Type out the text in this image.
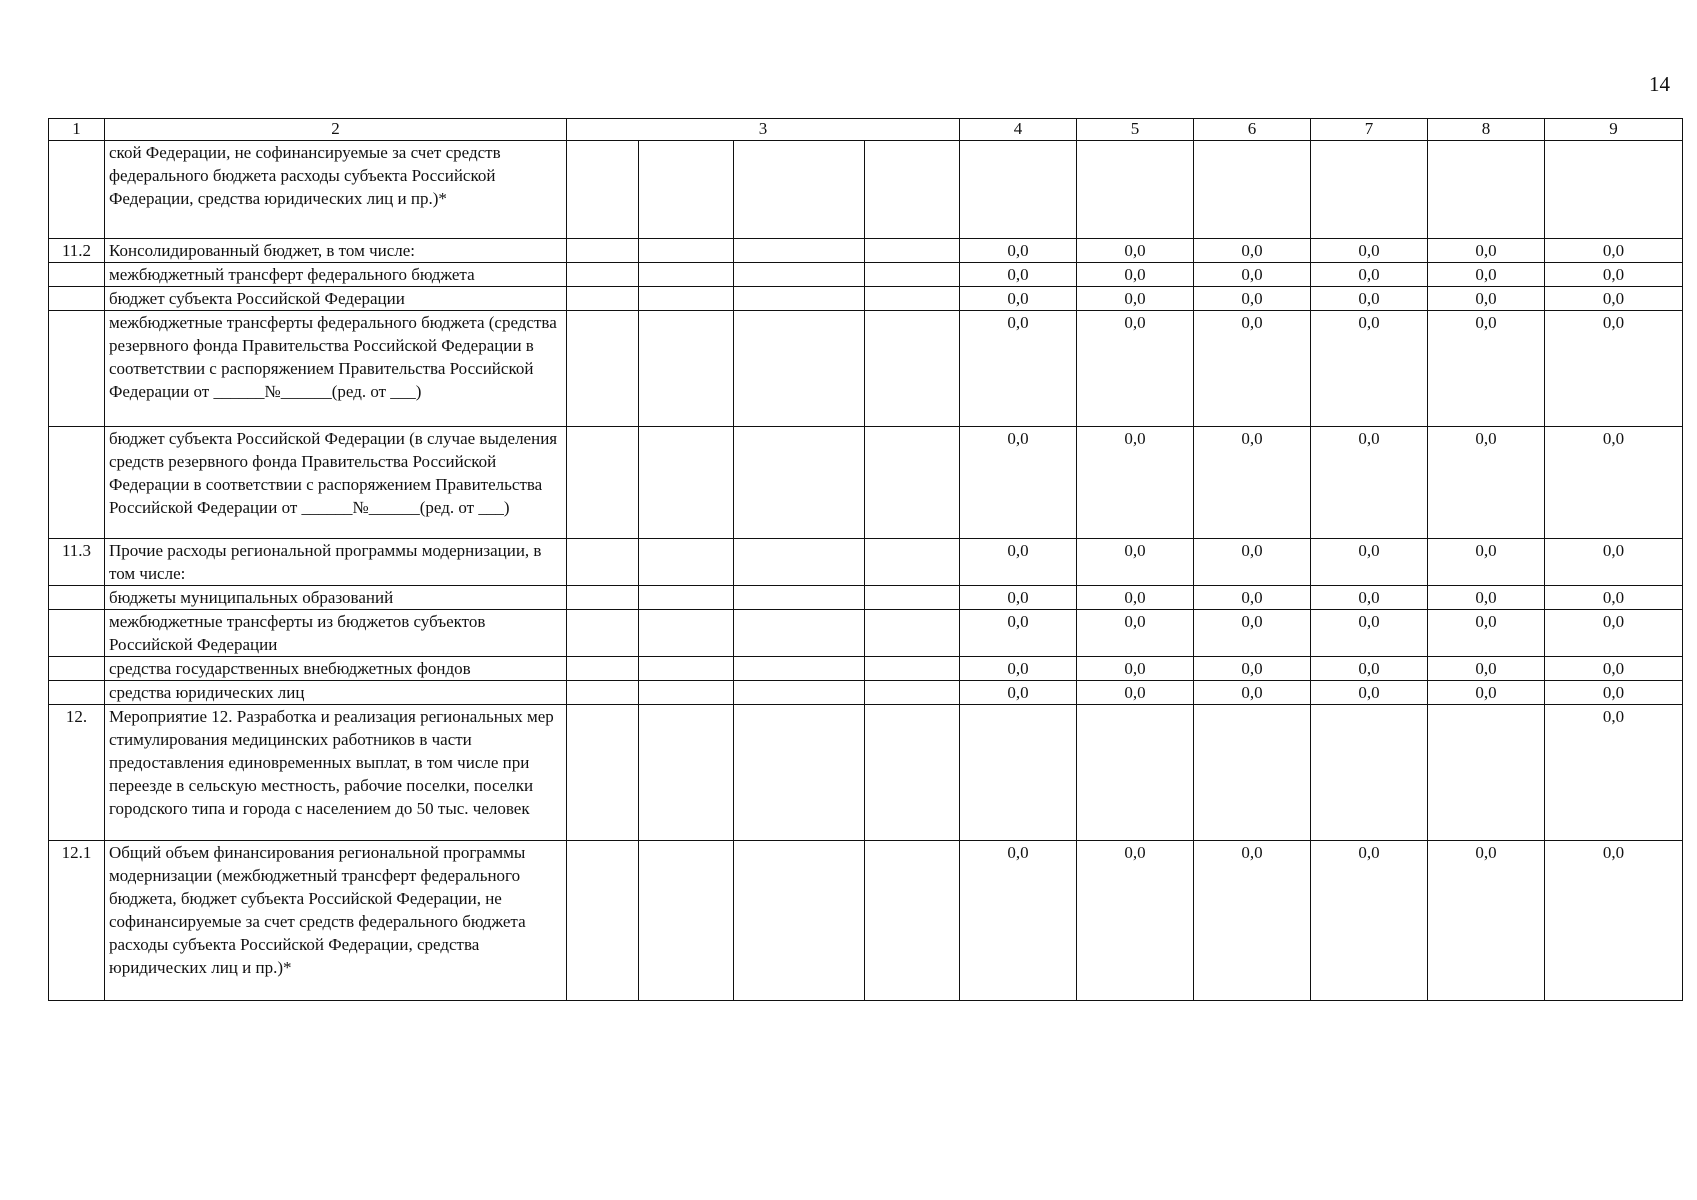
14
1	2	3				4	5	6	7	8	9
	ской Федерации, не софинансируемые за счет средств федерального бюджета расходы субъекта Российской Федерации, средства юридических лиц и пр.)*										
11.2	Консолидированный бюджет, в том числе:					0,0	0,0	0,0	0,0	0,0	0,0
	межбюджетный трансферт федерального бюджета					0,0	0,0	0,0	0,0	0,0	0,0
	бюджет субъекта Российской Федерации					0,0	0,0	0,0	0,0	0,0	0,0
	межбюджетные трансферты федерального бюджета (средства резервного фонда Правительства Российской Федерации в соответствии с распоряжением Правительства Российской Федерации от ______№______(ред. от ___)					0,0	0,0	0,0	0,0	0,0	0,0
	бюджет субъекта Российской Федерации (в случае выделения средств резервного фонда Правительства Российской Федерации в соответствии с распоряжением Правительства Российской Федерации от ______№______(ред. от ___)					0,0	0,0	0,0	0,0	0,0	0,0
11.3	Прочие расходы региональной программы модернизации, в том числе:					0,0	0,0	0,0	0,0	0,0	0,0
	бюджеты муниципальных образований					0,0	0,0	0,0	0,0	0,0	0,0
	межбюджетные трансферты из бюджетов субъектов Российской Федерации					0,0	0,0	0,0	0,0	0,0	0,0
	средства государственных внебюджетных фондов					0,0	0,0	0,0	0,0	0,0	0,0
	средства юридических лиц					0,0	0,0	0,0	0,0	0,0	0,0
12.	Мероприятие 12. Разработка и реализация региональных мер стимулирования медицинских работников в части предоставления единовременных выплат, в том числе при переезде в сельскую местность, рабочие поселки, поселки городского типа и города с населением до 50 тыс. человек										0,0
12.1	Общий объем финансирования региональной программы модернизации (межбюджетный трансферт федерального бюджета, бюджет субъекта Российской Федерации, не софинансируемые за счет средств федерального бюджета расходы субъекта Российской Федерации, средства юридических лиц и пр.)*					0,0	0,0	0,0	0,0	0,0	0,0
